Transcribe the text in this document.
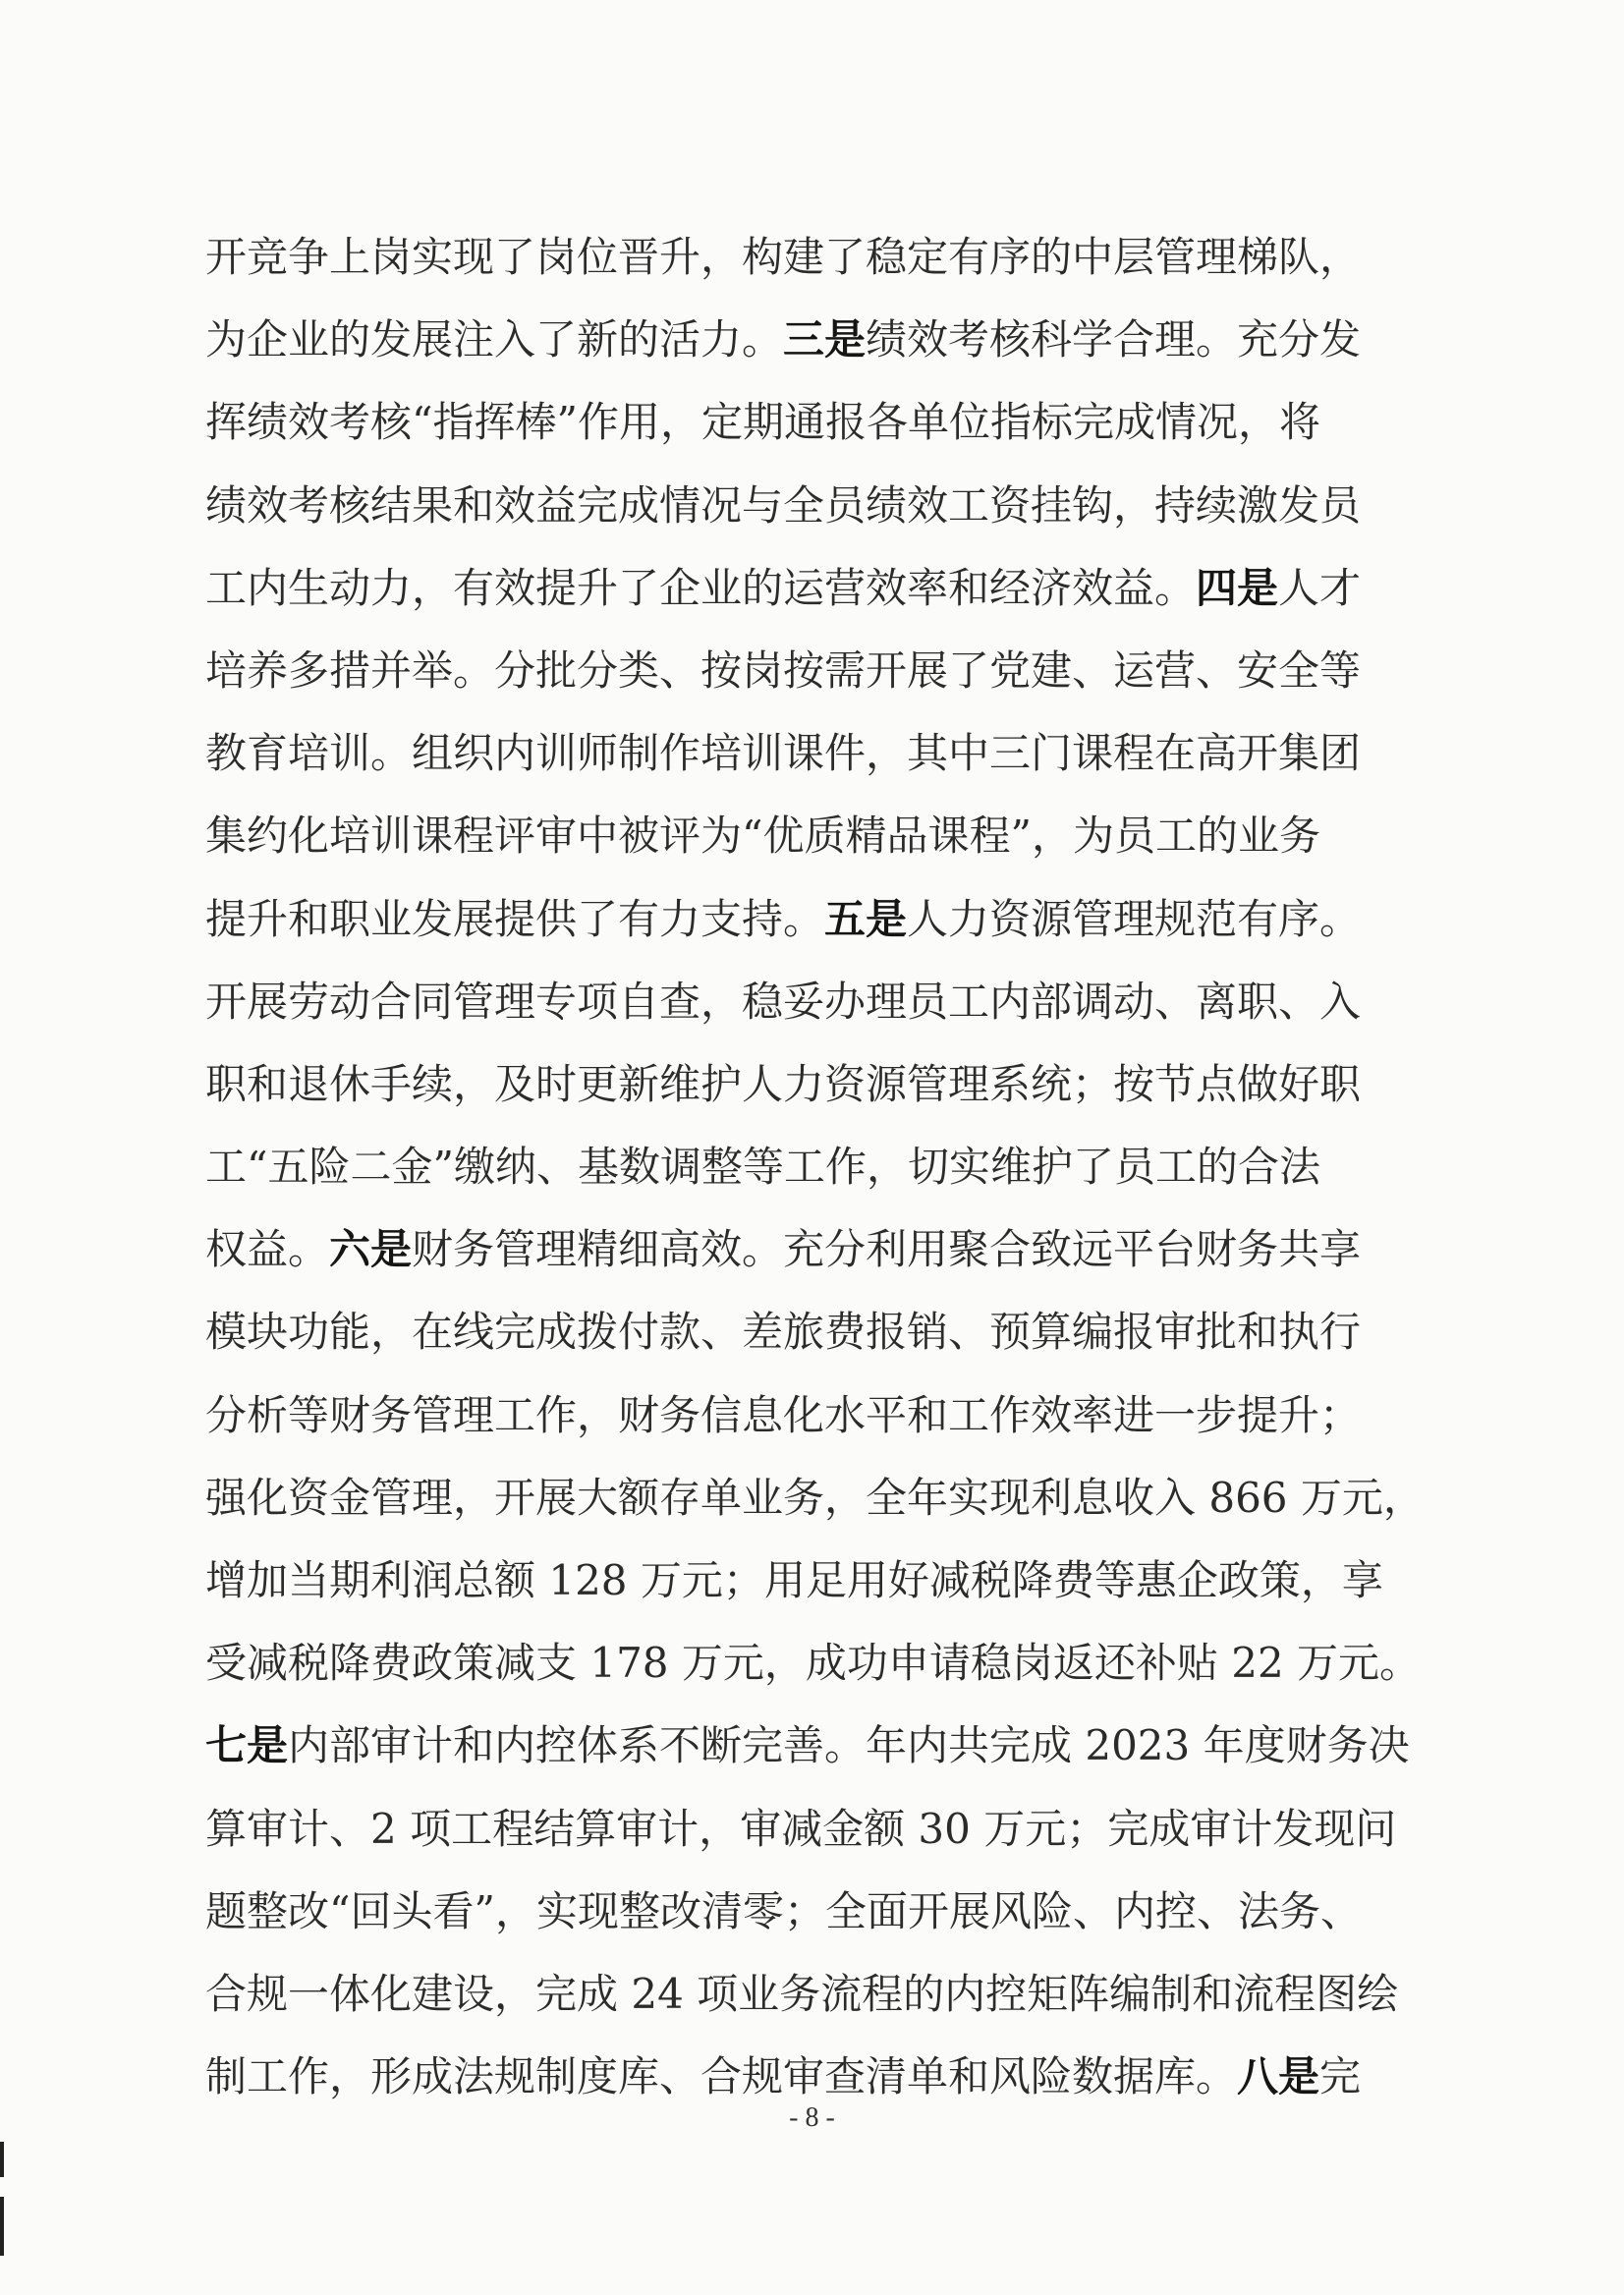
开竞争上岗实现了岗位晋升，构建了稳定有序的中层管理梯队，
为企业的发展注入了新的活力。三是绩效考核科学合理。充分发
挥绩效考核“指挥棒”作用，定期通报各单位指标完成情况，将
绩效考核结果和效益完成情况与全员绩效工资挂钩，持续激发员
工内生动力，有效提升了企业的运营效率和经济效益。四是人才
培养多措并举。分批分类、按岗按需开展了党建、运营、安全等
教育培训。组织内训师制作培训课件，其中三门课程在高开集团
集约化培训课程评审中被评为“优质精品课程”，为员工的业务
提升和职业发展提供了有力支持。五是人力资源管理规范有序。
开展劳动合同管理专项自查，稳妥办理员工内部调动、离职、入
职和退休手续，及时更新维护人力资源管理系统；按节点做好职
工“五险二金”缴纳、基数调整等工作，切实维护了员工的合法
权益。六是财务管理精细高效。充分利用聚合致远平台财务共享
模块功能，在线完成拨付款、差旅费报销、预算编报审批和执行
分析等财务管理工作，财务信息化水平和工作效率进一步提升；
强化资金管理，开展大额存单业务，全年实现利息收入 866 万元，
增加当期利润总额 128 万元；用足用好减税降费等惠企政策，享
受减税降费政策减支 178 万元，成功申请稳岗返还补贴 22 万元。
七是内部审计和内控体系不断完善。年内共完成 2023 年度财务决
算审计、2 项工程结算审计，审减金额 30 万元；完成审计发现问
题整改“回头看”，实现整改清零；全面开展风险、内控、法务、
合规一体化建设，完成 24 项业务流程的内控矩阵编制和流程图绘
制工作，形成法规制度库、合规审查清单和风险数据库。八是完
- 8 -
